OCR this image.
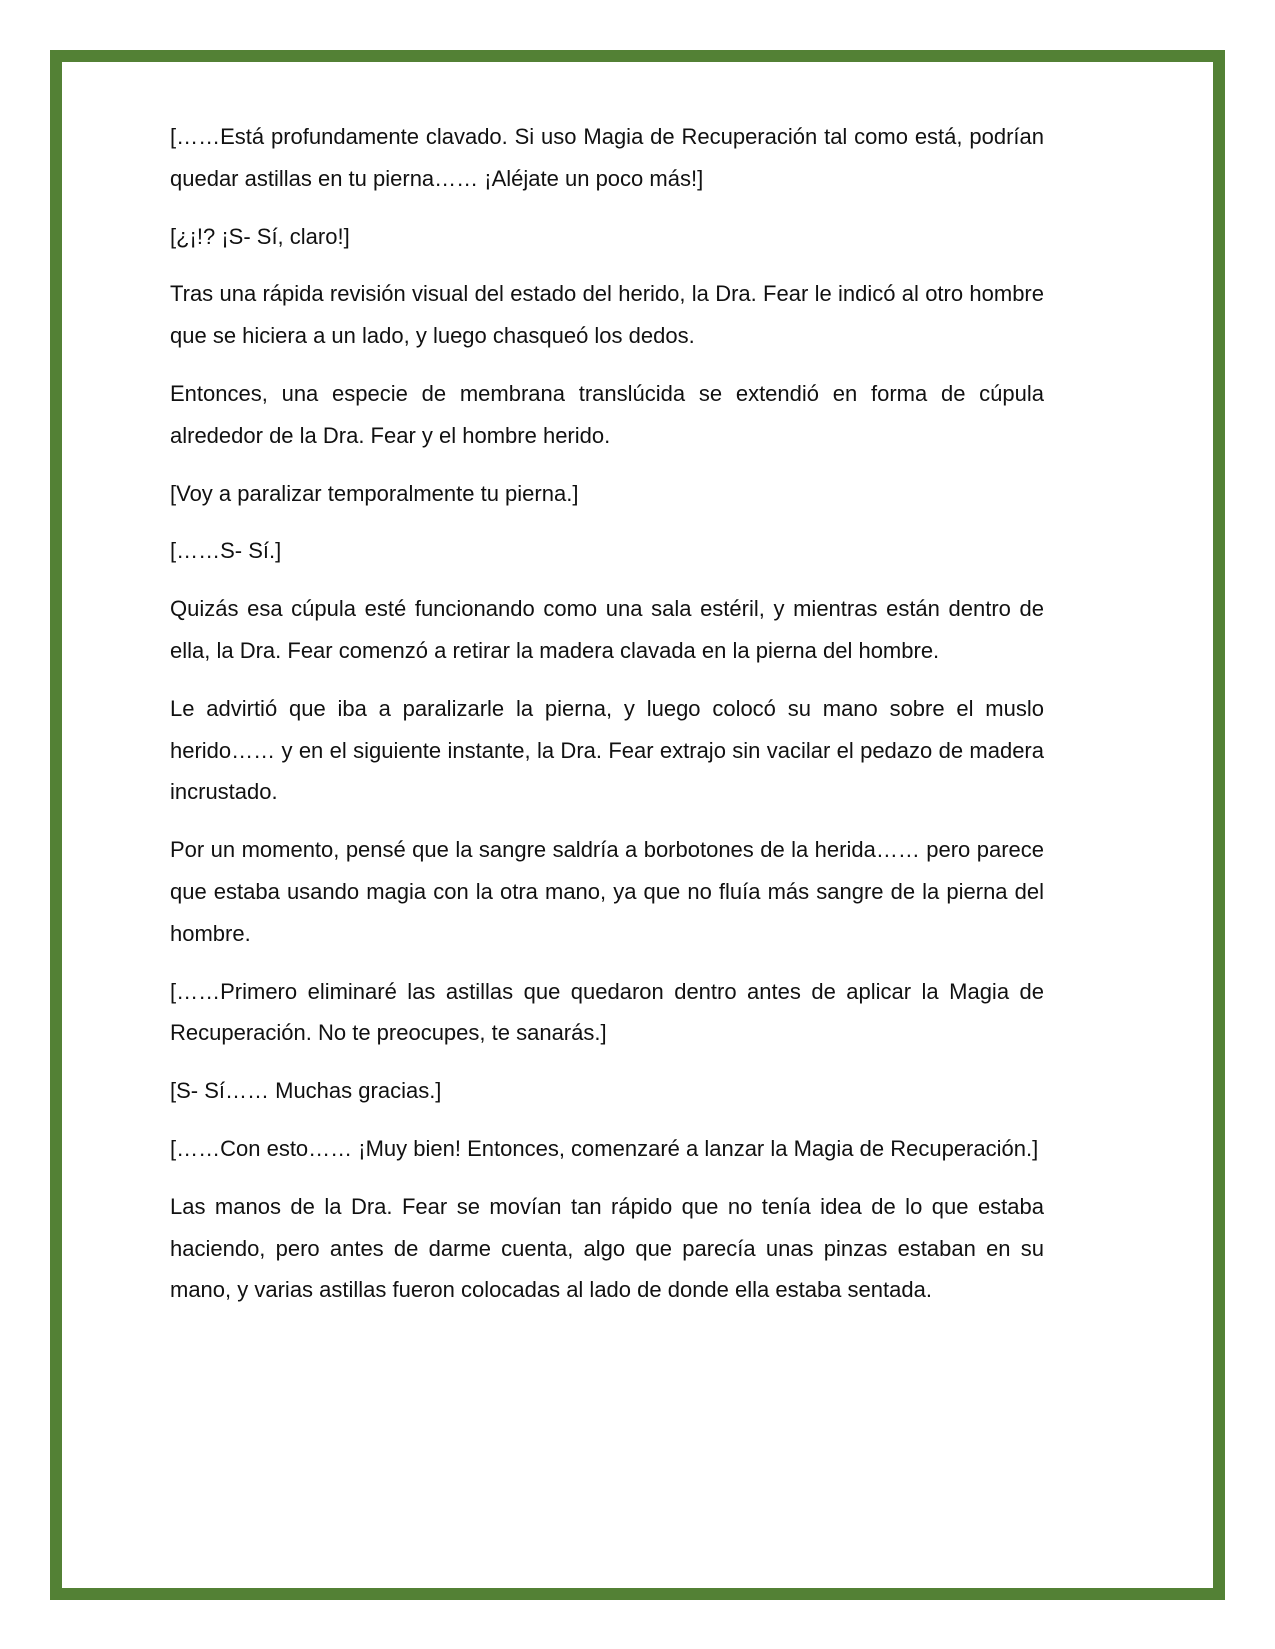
[……Está profundamente clavado. Si uso Magia de Recuperación tal como está, podrían quedar astillas en tu pierna…… ¡Aléjate un poco más!]

[¿¡!? ¡S- Sí, claro!]

Tras una rápida revisión visual del estado del herido, la Dra. Fear le indicó al otro hombre que se hiciera a un lado, y luego chasqueó los dedos.

Entonces, una especie de membrana translúcida se extendió en forma de cúpula alrededor de la Dra. Fear y el hombre herido.

[Voy a paralizar temporalmente tu pierna.]

[……S- Sí.]

Quizás esa cúpula esté funcionando como una sala estéril, y mientras están dentro de ella, la Dra. Fear comenzó a retirar la madera clavada en la pierna del hombre.

Le advirtió que iba a paralizarle la pierna, y luego colocó su mano sobre el muslo herido…… y en el siguiente instante, la Dra. Fear extrajo sin vacilar el pedazo de madera incrustado.

Por un momento, pensé que la sangre saldría a borbotones de la herida…… pero parece que estaba usando magia con la otra mano, ya que no fluía más sangre de la pierna del hombre.

[……Primero eliminaré las astillas que quedaron dentro antes de aplicar la Magia de Recuperación. No te preocupes, te sanarás.]

[S- Sí…… Muchas gracias.]

[……Con esto…… ¡Muy bien! Entonces, comenzaré a lanzar la Magia de Recuperación.]

Las manos de la Dra. Fear se movían tan rápido que no tenía idea de lo que estaba haciendo, pero antes de darme cuenta, algo que parecía unas pinzas estaban en su mano, y varias astillas fueron colocadas al lado de donde ella estaba sentada.
